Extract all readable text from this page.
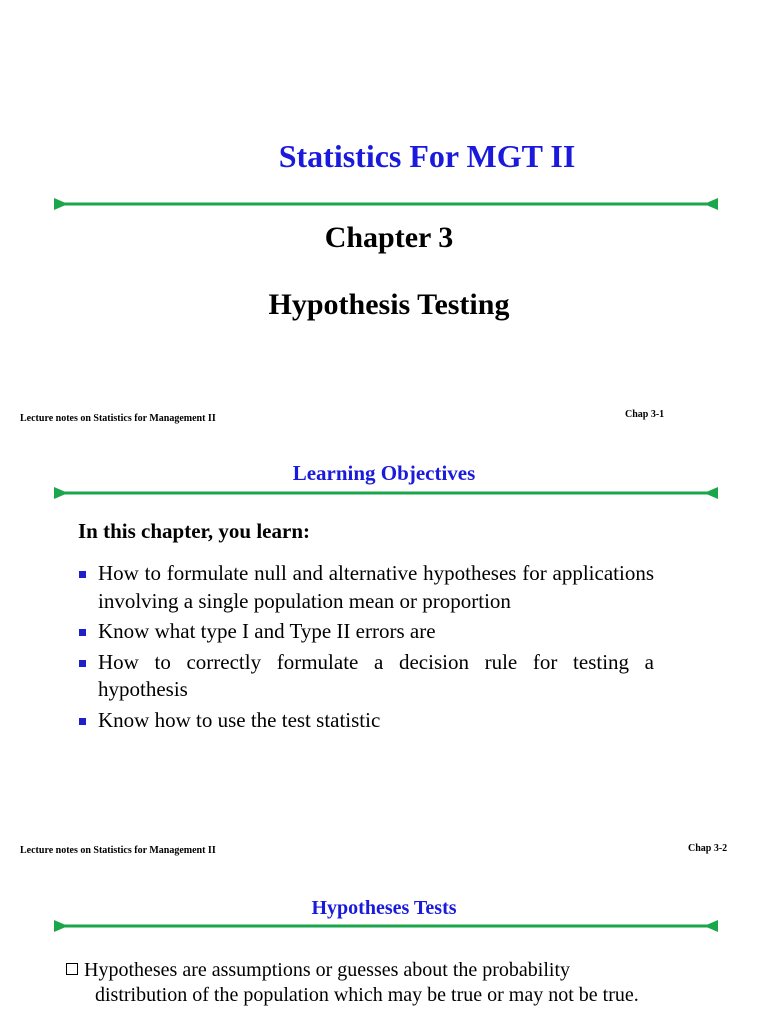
Statistics For MGT II
Chapter 3
Hypothesis Testing
Lecture notes on Statistics for Management II	Chap 3-1
Learning Objectives
In this chapter, you learn:
How to formulate null and alternative hypotheses for applications involving a single population mean or proportion
Know what type I and Type II errors are
How to correctly formulate a decision rule for testing a hypothesis
Know how to use the test statistic
Lecture notes on Statistics for Management II	Chap 3-2
Hypotheses Tests
Hypotheses are assumptions or guesses about the probability
distribution of the population which may be true or may not be true.
